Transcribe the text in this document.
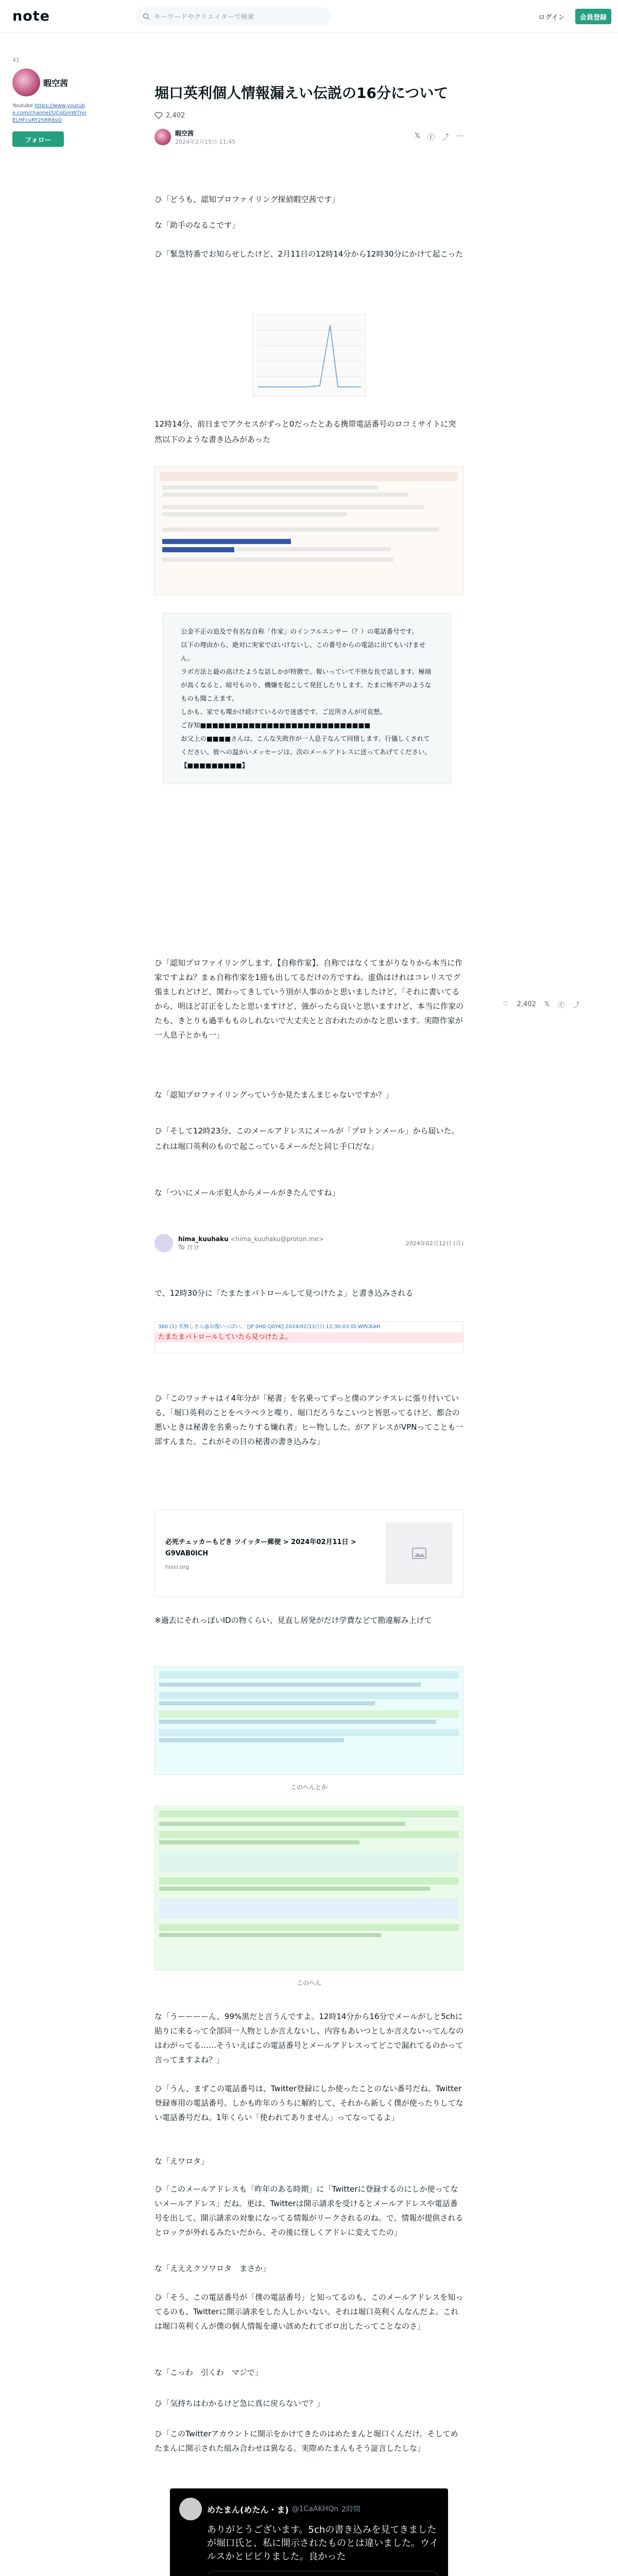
note	キーワードやクリエイターで検索	ログイン	会員登録
41
暇空茜
Youtube https://www.youtube.com/channel/UCoGmW7nnELHFcuRY2hRR8sQ
フォロー
堀口英利個人情報漏えい伝説の16分について
2,402
暇空茜
2024年2月15日 11:45
𝕏 ⓕ ⤴ ⋯

ひ「どうも、認知プロファイリング探偵暇空茜です」

な「助手のなるこです」

ひ「緊急特番でお知らせしたけど、2月11日の12時14分から12時30分にかけて起こった

12時14分、前日までアクセスがずっと0だったとある携帯電話番号のロコミサイトに突然以下のような書き込みがあった

公金不正の追及で有名な自称「作家」のインフルエンサー（？）の電話番号です。

以下の理由から、絶対に実家ではいけないし、この番号からの電話に出てもいけません。

ラボ方法と最の高けたような話しかが特徴で、報いっていて不快な長で話します。極端が高くなると、暗号ものり、機嫌を起こして発狂したりします。たまに怖不声のようなものも聞こえます。

しかも、家でも喋かけ続けているので迷惑です。ご近所さんが可哀想。

ご存知■■■■■■■■■■■■■■■■■■■■■■■■■■■■

お父上の■■■■さんは、こんな失敗作が一人息子なんて同情します。行儀しくされてください。彼への温かいメッセージは、次のメールアドレスに送ってあげてください。

【■■■■■■■■■】

♡ 2,402 𝕏 ⓕ ⤴

ひ「認知プロファイリングします。【自称作家】、自称ではなくてまがりなりから本当に作家ですよね？まぁ自称作家を1冊も出してるだけの方ですね。虚偽はけれはコレリスでグ張ましれどけど、関わってきしていう別が人事のかと思いましたけど、「それに書いてるから、明ほど訂正をしたと思いますけど、強がったら良いと思いますけど、本当に作家のたも、きとりも過半もものしれないで大丈夫とと言われたのかなと思います。実際作家が一人息子とかも一」

な「認知プロファイリングっていうか見たまんまじゃないですか？」

ひ「そして12時23分、このメールアドレスにメールが「プロトンメール」から届いた。これは堀口英利のもので起こっているメールだと同じ手口だな」

な「ついにメールボ犯人からメールがきたんですね」

hima_kuuhaku <hima_kuuhaku@proton.me>
To 自分
2024年02月12日 (月)

で、12時30分に「たまたまパトロールして見つけたよ」と書き込みされる

380 (1) 名無しさん@お腹いっぱい。 [JP 0H0-Q0YK] 2024/02/11(日) 12:30:03 ID:WPCKAH
たまたまパトロールしていたら見つけたよ。

ひ「このワッチャはイ4年分が「秘書」を名乗ってずっと僕のアンチスレに張り付いている、「堀口英利のことをペラペラと喋り、堀口だろうなこいつと皆思ってるけど、都合の悪いときは秘書を名乗ったりする嫌れ者」ヒー物しした。がアドレスがVPNってことも一部すんまた。これがその日の秘書の書き込みな」

必死チェッカーもどき ツイッター郵便 > 2024年02月11日 > G9VAB0ICH
hissi.org

※過去にそれっぽいIDの物くらい、見直し居発がだけ学費などて勘違解み上げて

このへんとか
このへん

な「うーーーーん、99%黒だと言うんですよ。12時14分から16分でメールがしと5chに貼りに来るって全部同一人物としか言えないし、内容もあいつとしか言えないってんなのはわがってる……そういえばこの電話番号とメールアドレスってどこで漏れてるのかって言ってますよね？」

ひ「うん、まずこの電話番号は、Twitter登録にしか使ったことのない番号だね。Twitter登録専用の電話番号。しかも昨年のうちに解約して、それから新しく僕が使ったりしてない電話番号だね。1年くらい「使われてありません」ってなってるよ」

な「えワロタ」

ひ「このメールアドレスも「昨年のある時期」に「Twitterに登録するのにしか使ってないメールアドレス」だね。更は、Twitterは開示請求を受けるとメールアドレスや電話番号を出して、開示請求の対象になってる情報がリークされるのね。で、情報が提供されるとロックが外れるみたいだから、その後に怪しくアドレに変えてたの」

な「えええクソワロタ　まさか」

ひ「そう、この電話番号が「僕の電話番号」と知ってるのも、このメールアドレスを知ってるのも、Twitterに開示請求をした人しかいない。それは堀口英利くんなんだよ。これは堀口英利くんが僕の個人情報を違い該めたれてボロ出したってことなのさ」

な「こっわ　引くわ　マジで」

ひ「気持ちはわかるけど急に真に戻らないで？」

ひ「このTwitterアカウントに開示をかけてきたのはめたまんと堀口くんだけ。そしてめたまんに開示された組み合わせは異なる。実際めたまんもそう証言したしな」

めたまん(めたん・ま) @1CaAKHQn 2時間
ありがとうございます。5chの書き込みを見てきましたが堀口氏と、私に開示されたものとは違いました。ウイルスかとビビりました。良かった
